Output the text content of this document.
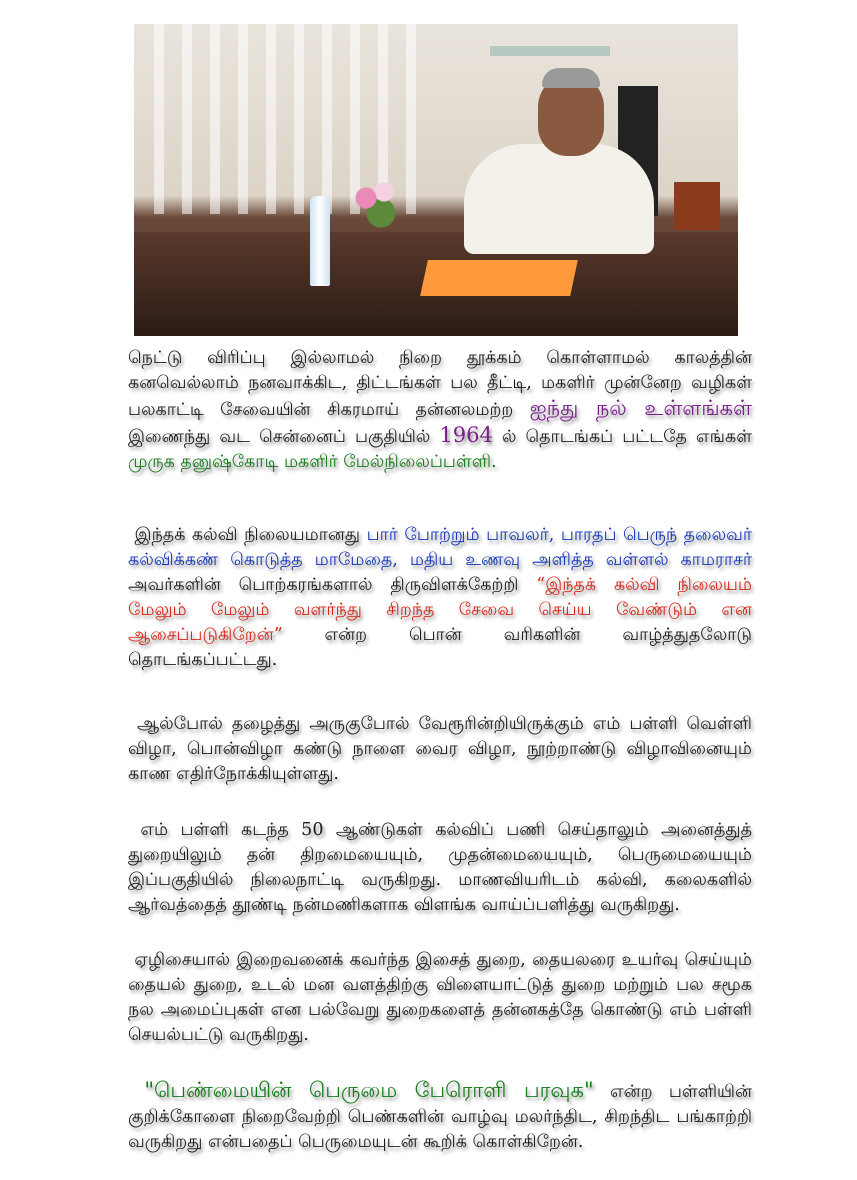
நெட்டு விரிப்பு இல்லாமல் நிறை தூக்கம் கொள்ளாமல் காலத்தின் கனவெல்லாம் நனவாக்கிட, திட்டங்கள் பல தீட்டி, மகளிர் முன்னேற வழிகள் பலகாட்டி சேவையின் சிகரமாய் தன்னலமற்ற ஐந்து நல் உள்ளங்கள் இணைந்து வட சென்னைப் பகுதியில் 1964 ல் தொடங்கப் பட்டதே எங்கள் முருக தனுஷ்கோடி மகளிர் மேல்நிலைப்பள்ளி.
இந்தக் கல்வி நிலையமானது பார் போற்றும் பாவலர், பாரதப் பெருந் தலைவர் கல்விக்கண் கொடுத்த மாமேதை, மதிய உணவு அளித்த வள்ளல் காமராசர் அவர்களின் பொற்கரங்களால் திருவிளக்கேற்றி “இந்தக் கல்வி நிலையம் மேலும் மேலும் வளர்ந்து சிறந்த சேவை செய்ய வேண்டும் என ஆசைப்படுகிறேன்” என்ற பொன் வரிகளின் வாழ்த்துதலோடு தொடங்கப்பட்டது.
ஆல்போல் தழைத்து அருகுபோல் வேரூரின்றியிருக்கும் எம் பள்ளி வெள்ளி விழா, பொன்விழா கண்டு நாளை வைர விழா, நூற்றாண்டு விழாவினையும் காண எதிர்நோக்கியுள்ளது.
எம் பள்ளி கடந்த 50 ஆண்டுகள் கல்விப் பணி செய்தாலும் அனைத்துத் துறையிலும் தன் திறமையையும், முதன்மையையும், பெருமையையும் இப்பகுதியில் நிலைநாட்டி வருகிறது. மாணவியரிடம் கல்வி, கலைகளில் ஆர்வத்தைத் தூண்டி நன்மணிகளாக விளங்க வாய்ப்பளித்து வருகிறது.
ஏழிசையால் இறைவனைக் கவர்ந்த இசைத் துறை, தையலரை உயர்வு செய்யும் தையல் துறை, உடல் மன வளத்திற்கு விளையாட்டுத் துறை மற்றும் பல சமூக நல அமைப்புகள் என பல்வேறு துறைகளைத் தன்னகத்தே கொண்டு எம் பள்ளி செயல்பட்டு வருகிறது.
"பெண்மையின் பெருமை பேரொளி பரவுக" என்ற பள்ளியின் குறிக்கோளை நிறைவேற்றி பெண்களின் வாழ்வு மலர்ந்திட, சிறந்திட பங்காற்றி வருகிறது என்பதைப் பெருமையுடன் கூறிக் கொள்கிறேன்.
